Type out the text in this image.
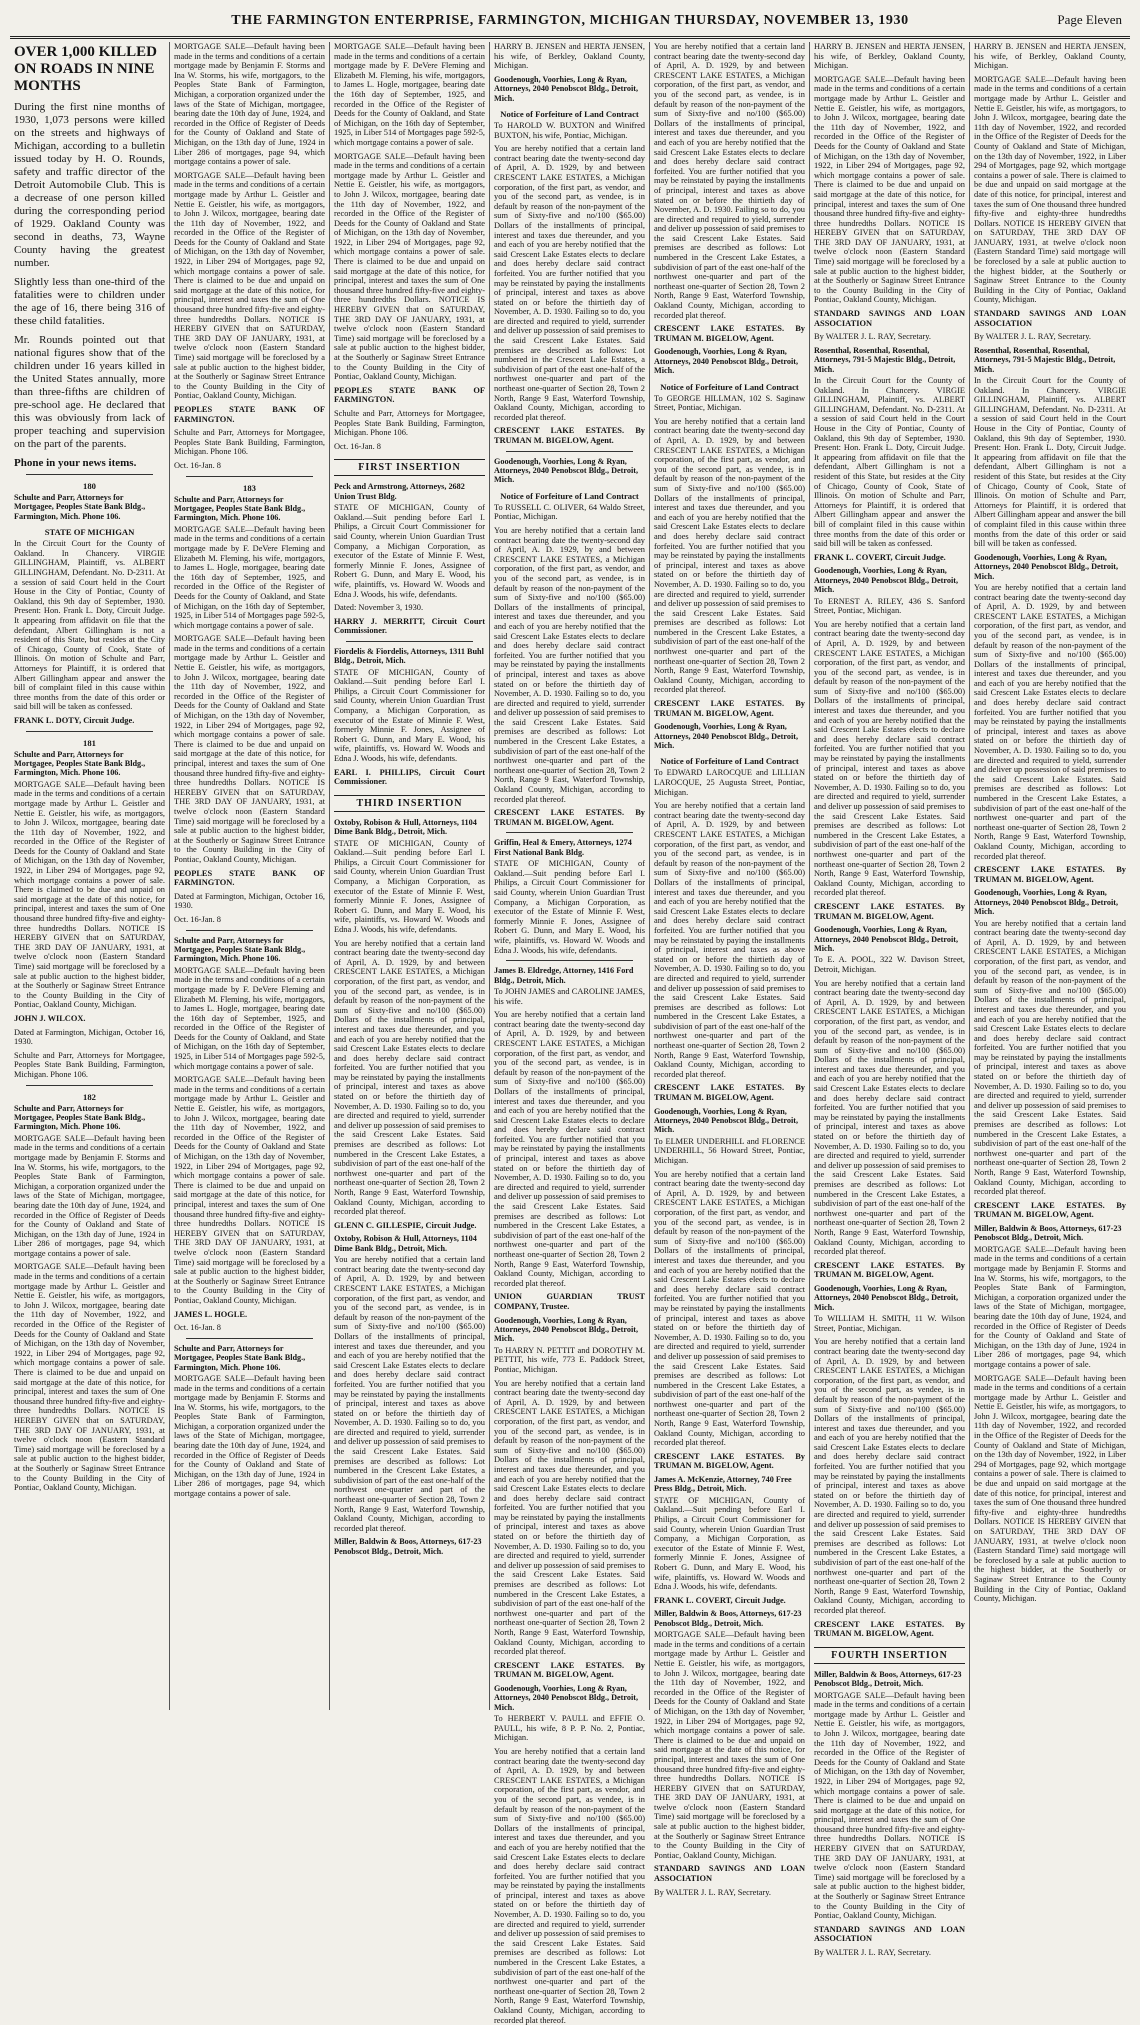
THE FARMINGTON ENTERPRISE, FARMINGTON, MICHIGAN THURSDAY, NOVEMBER 13, 1930	Page Eleven
OVER 1,000 KILLED ON ROADS IN NINE MONTHS

During the first nine months of 1930, 1,073 persons were killed on the streets and highways of Michigan, according to a bulletin issued today by H. O. Rounds, safety and traffic director of the Detroit Automobile Club. This is a decrease of one person killed during the corresponding period of 1929. Oakland County was second in deaths, 73, Wayne County having the greatest number.

Slightly less than one-third of the fatalities were to children under the age of 16, there being 316 of these child fatalities.

Mr. Rounds pointed out that national figures show that of the children under 16 years killed in the United States annually, more than three-fifths are children of pre-school age. He declared that this was obviously from lack of proper teaching and supervision on the part of the parents.

Phone in your news items.
180
Schulte and Parr, Attorneys for Mortgagee, Peoples State Bank Bldg., Farmington, Mich. Phone 106.
STATE OF MICHIGAN

In the Circuit Court for the County of Oakland. In Chancery. VIRGIE GILLINGHAM, Plaintiff, vs. ALBERT GILLINGHAM, Defendant. No. D-2311. At a session of said Court held in the Court House in the City of Pontiac, County of Oakland, this 9th day of September, 1930. Present: Hon. Frank L. Doty, Circuit Judge. It appearing from affidavit on file that the defendant, Albert Gillingham is not a resident of this State, but resides at the City of Chicago, County of Cook, State of Illinois. On motion of Schulte and Parr, Attorneys for Plaintiff, it is ordered that Albert Gillingham appear and answer the bill of complaint filed in this cause within three months from the date of this order or said bill will be taken as confessed.

FRANK L. DOTY, Circuit Judge.

181
Schulte and Parr, Attorneys for Mortgagee, Peoples State Bank Bldg., Farmington, Mich. Phone 106.

MORTGAGE SALE—Default having been made in the terms and conditions of a certain mortgage made by Arthur L. Geistler and Nettie E. Geistler, his wife, as mortgagors, to John J. Wilcox, mortgagee, bearing date the 11th day of November, 1922, and recorded in the Office of the Register of Deeds for the County of Oakland and State of Michigan, on the 13th day of November, 1922, in Liber 294 of Mortgages, page 92, which mortgage contains a power of sale. There is claimed to be due and unpaid on said mortgage at the date of this notice, for principal, interest and taxes the sum of One thousand three hundred fifty-five and eighty-three hundredths Dollars. NOTICE IS HEREBY GIVEN that on SATURDAY, THE 3RD DAY OF JANUARY, 1931, at twelve o'clock noon (Eastern Standard Time) said mortgage will be foreclosed by a sale at public auction to the highest bidder, at the Southerly or Saginaw Street Entrance to the County Building in the City of Pontiac, Oakland County, Michigan.

JOHN J. WILCOX.

Dated at Farmington, Michigan, October 16, 1930.

Schulte and Parr, Attorneys for Mortgagee, Peoples State Bank Building, Farmington, Michigan. Phone 106.

182
Schulte and Parr, Attorneys for Mortgagee, Peoples State Bank Bldg., Farmington, Mich. Phone 106.

MORTGAGE SALE—Default having been made in the terms and conditions of a certain mortgage made by Benjamin F. Storms and Ina W. Storms, his wife, mortgagors, to the Peoples State Bank of Farmington, Michigan, a corporation organized under the laws of the State of Michigan, mortgagee, bearing date the 10th day of June, 1924, and recorded in the Office of Register of Deeds for the County of Oakland and State of Michigan, on the 13th day of June, 1924 in Liber 286 of mortgages, page 94, which mortgage contains a power of sale.

MORTGAGE SALE—Default having been made in the terms and conditions of a certain mortgage made by Arthur L. Geistler and Nettie E. Geistler, his wife, as mortgagors, to John J. Wilcox, mortgagee, bearing date the 11th day of November, 1922, and recorded in the Office of the Register of Deeds for the County of Oakland and State of Michigan, on the 13th day of November, 1922, in Liber 294 of Mortgages, page 92, which mortgage contains a power of sale. There is claimed to be due and unpaid on said mortgage at the date of this notice, for principal, interest and taxes the sum of One thousand three hundred fifty-five and eighty-three hundredths Dollars. NOTICE IS HEREBY GIVEN that on SATURDAY, THE 3RD DAY OF JANUARY, 1931, at twelve o'clock noon (Eastern Standard Time) said mortgage will be foreclosed by a sale at public auction to the highest bidder, at the Southerly or Saginaw Street Entrance to the County Building in the City of Pontiac, Oakland County, Michigan.

MORTGAGE SALE—Default having been made in the terms and conditions of a certain mortgage made by Benjamin F. Storms and Ina W. Storms, his wife, mortgagors, to the Peoples State Bank of Farmington, Michigan, a corporation organized under the laws of the State of Michigan, mortgagee, bearing date the 10th day of June, 1924, and recorded in the Office of Register of Deeds for the County of Oakland and State of Michigan, on the 13th day of June, 1924 in Liber 286 of mortgages, page 94, which mortgage contains a power of sale.

MORTGAGE SALE—Default having been made in the terms and conditions of a certain mortgage made by Arthur L. Geistler and Nettie E. Geistler, his wife, as mortgagors, to John J. Wilcox, mortgagee, bearing date the 11th day of November, 1922, and recorded in the Office of the Register of Deeds for the County of Oakland and State of Michigan, on the 13th day of November, 1922, in Liber 294 of Mortgages, page 92, which mortgage contains a power of sale. There is claimed to be due and unpaid on said mortgage at the date of this notice, for principal, interest and taxes the sum of One thousand three hundred fifty-five and eighty-three hundredths Dollars. NOTICE IS HEREBY GIVEN that on SATURDAY, THE 3RD DAY OF JANUARY, 1931, at twelve o'clock noon (Eastern Standard Time) said mortgage will be foreclosed by a sale at public auction to the highest bidder, at the Southerly or Saginaw Street Entrance to the County Building in the City of Pontiac, Oakland County, Michigan.

PEOPLES STATE BANK OF FARMINGTON.

Schulte and Parr, Attorneys for Mortgagee, Peoples State Bank Building, Farmington, Michigan. Phone 106.

Oct. 16-Jan. 8

183
Schulte and Parr, Attorneys for Mortgagee, Peoples State Bank Bldg., Farmington, Mich. Phone 106.

MORTGAGE SALE—Default having been made in the terms and conditions of a certain mortgage made by F. DeVere Fleming and Elizabeth M. Fleming, his wife, mortgagors, to James L. Hogle, mortgagee, bearing date the 16th day of September, 1925, and recorded in the Office of the Register of Deeds for the County of Oakland, and State of Michigan, on the 16th day of September, 1925, in Liber 514 of Mortgages page 592-5, which mortgage contains a power of sale.

MORTGAGE SALE—Default having been made in the terms and conditions of a certain mortgage made by Arthur L. Geistler and Nettie E. Geistler, his wife, as mortgagors, to John J. Wilcox, mortgagee, bearing date the 11th day of November, 1922, and recorded in the Office of the Register of Deeds for the County of Oakland and State of Michigan, on the 13th day of November, 1922, in Liber 294 of Mortgages, page 92, which mortgage contains a power of sale. There is claimed to be due and unpaid on said mortgage at the date of this notice, for principal, interest and taxes the sum of One thousand three hundred fifty-five and eighty-three hundredths Dollars. NOTICE IS HEREBY GIVEN that on SATURDAY, THE 3RD DAY OF JANUARY, 1931, at twelve o'clock noon (Eastern Standard Time) said mortgage will be foreclosed by a sale at public auction to the highest bidder, at the Southerly or Saginaw Street Entrance to the County Building in the City of Pontiac, Oakland County, Michigan.

PEOPLES STATE BANK OF FARMINGTON.

Dated at Farmington, Michigan, October 16, 1930.

Oct. 16-Jan. 8

Schulte and Parr, Attorneys for Mortgagee, Peoples State Bank Bldg., Farmington, Mich. Phone 106.

MORTGAGE SALE—Default having been made in the terms and conditions of a certain mortgage made by F. DeVere Fleming and Elizabeth M. Fleming, his wife, mortgagors, to James L. Hogle, mortgagee, bearing date the 16th day of September, 1925, and recorded in the Office of the Register of Deeds for the County of Oakland, and State of Michigan, on the 16th day of September, 1925, in Liber 514 of Mortgages page 592-5, which mortgage contains a power of sale.

MORTGAGE SALE—Default having been made in the terms and conditions of a certain mortgage made by Arthur L. Geistler and Nettie E. Geistler, his wife, as mortgagors, to John J. Wilcox, mortgagee, bearing date the 11th day of November, 1922, and recorded in the Office of the Register of Deeds for the County of Oakland and State of Michigan, on the 13th day of November, 1922, in Liber 294 of Mortgages, page 92, which mortgage contains a power of sale. There is claimed to be due and unpaid on said mortgage at the date of this notice, for principal, interest and taxes the sum of One thousand three hundred fifty-five and eighty-three hundredths Dollars. NOTICE IS HEREBY GIVEN that on SATURDAY, THE 3RD DAY OF JANUARY, 1931, at twelve o'clock noon (Eastern Standard Time) said mortgage will be foreclosed by a sale at public auction to the highest bidder, at the Southerly or Saginaw Street Entrance to the County Building in the City of Pontiac, Oakland County, Michigan.

JAMES L. HOGLE.

Oct. 16-Jan. 8

Schulte and Parr, Attorneys for Mortgagee, Peoples State Bank Bldg., Farmington, Mich. Phone 106.

MORTGAGE SALE—Default having been made in the terms and conditions of a certain mortgage made by Benjamin F. Storms and Ina W. Storms, his wife, mortgagors, to the Peoples State Bank of Farmington, Michigan, a corporation organized under the laws of the State of Michigan, mortgagee, bearing date the 10th day of June, 1924, and recorded in the Office of Register of Deeds for the County of Oakland and State of Michigan, on the 13th day of June, 1924 in Liber 286 of mortgages, page 94, which mortgage contains a power of sale.

MORTGAGE SALE—Default having been made in the terms and conditions of a certain mortgage made by F. DeVere Fleming and Elizabeth M. Fleming, his wife, mortgagors, to James L. Hogle, mortgagee, bearing date the 16th day of September, 1925, and recorded in the Office of the Register of Deeds for the County of Oakland, and State of Michigan, on the 16th day of September, 1925, in Liber 514 of Mortgages page 592-5, which mortgage contains a power of sale.

MORTGAGE SALE—Default having been made in the terms and conditions of a certain mortgage made by Arthur L. Geistler and Nettie E. Geistler, his wife, as mortgagors, to John J. Wilcox, mortgagee, bearing date the 11th day of November, 1922, and recorded in the Office of the Register of Deeds for the County of Oakland and State of Michigan, on the 13th day of November, 1922, in Liber 294 of Mortgages, page 92, which mortgage contains a power of sale. There is claimed to be due and unpaid on said mortgage at the date of this notice, for principal, interest and taxes the sum of One thousand three hundred fifty-five and eighty-three hundredths Dollars. NOTICE IS HEREBY GIVEN that on SATURDAY, THE 3RD DAY OF JANUARY, 1931, at twelve o'clock noon (Eastern Standard Time) said mortgage will be foreclosed by a sale at public auction to the highest bidder, at the Southerly or Saginaw Street Entrance to the County Building in the City of Pontiac, Oakland County, Michigan.

PEOPLES STATE BANK OF FARMINGTON.

Schulte and Parr, Attorneys for Mortgagee, Peoples State Bank Building, Farmington, Michigan. Phone 106.

Oct. 16-Jan. 8

FIRST INSERTION
Peck and Armstrong, Attorneys, 2682 Union Trust Bldg.

STATE OF MICHIGAN, County of Oakland.—Suit pending before Earl I. Philips, a Circuit Court Commissioner for said County, wherein Union Guardian Trust Company, a Michigan Corporation, as executor of the Estate of Minnie F. West, formerly Minnie F. Jones, Assignee of Robert G. Dunn, and Mary E. Wood, his wife, plaintiffs, vs. Howard W. Woods and Edna J. Woods, his wife, defendants.

Dated: November 3, 1930.

HARRY J. MERRITT, Circuit Court Commissioner.

Fiordelis & Fiordelis, Attorneys, 1311 Buhl Bldg., Detroit, Mich.

STATE OF MICHIGAN, County of Oakland.—Suit pending before Earl I. Philips, a Circuit Court Commissioner for said County, wherein Union Guardian Trust Company, a Michigan Corporation, as executor of the Estate of Minnie F. West, formerly Minnie F. Jones, Assignee of Robert G. Dunn, and Mary E. Wood, his wife, plaintiffs, vs. Howard W. Woods and Edna J. Woods, his wife, defendants.

EARL I. PHILLIPS, Circuit Court Commissioner.

THIRD INSERTION
Oxtoby, Robison & Hull, Attorneys, 1104 Dime Bank Bldg., Detroit, Mich.

STATE OF MICHIGAN, County of Oakland.—Suit pending before Earl I. Philips, a Circuit Court Commissioner for said County, wherein Union Guardian Trust Company, a Michigan Corporation, as executor of the Estate of Minnie F. West, formerly Minnie F. Jones, Assignee of Robert G. Dunn, and Mary E. Wood, his wife, plaintiffs, vs. Howard W. Woods and Edna J. Woods, his wife, defendants.

You are hereby notified that a certain land contract bearing date the twenty-second day of April, A. D. 1929, by and between CRESCENT LAKE ESTATES, a Michigan corporation, of the first part, as vendor, and you of the second part, as vendee, is in default by reason of the non-payment of the sum of Sixty-five and no/100 ($65.00) Dollars of the installments of principal, interest and taxes due thereunder, and you and each of you are hereby notified that the said Crescent Lake Estates elects to declare and does hereby declare said contract forfeited. You are further notified that you may be reinstated by paying the installments of principal, interest and taxes as above stated on or before the thirtieth day of November, A. D. 1930. Failing so to do, you are directed and required to yield, surrender and deliver up possession of said premises to the said Crescent Lake Estates. Said premises are described as follows: Lot numbered in the Crescent Lake Estates, a subdivision of part of the east one-half of the northwest one-quarter and part of the northeast one-quarter of Section 28, Town 2 North, Range 9 East, Waterford Township, Oakland County, Michigan, according to recorded plat thereof.

GLENN C. GILLESPIE, Circuit Judge.

Oxtoby, Robison & Hull, Attorneys, 1104 Dime Bank Bldg., Detroit, Mich.

You are hereby notified that a certain land contract bearing date the twenty-second day of April, A. D. 1929, by and between CRESCENT LAKE ESTATES, a Michigan corporation, of the first part, as vendor, and you of the second part, as vendee, is in default by reason of the non-payment of the sum of Sixty-five and no/100 ($65.00) Dollars of the installments of principal, interest and taxes due thereunder, and you and each of you are hereby notified that the said Crescent Lake Estates elects to declare and does hereby declare said contract forfeited. You are further notified that you may be reinstated by paying the installments of principal, interest and taxes as above stated on or before the thirtieth day of November, A. D. 1930. Failing so to do, you are directed and required to yield, surrender and deliver up possession of said premises to the said Crescent Lake Estates. Said premises are described as follows: Lot numbered in the Crescent Lake Estates, a subdivision of part of the east one-half of the northwest one-quarter and part of the northeast one-quarter of Section 28, Town 2 North, Range 9 East, Waterford Township, Oakland County, Michigan, according to recorded plat thereof.

Miller, Baldwin & Boos, Attorneys, 617-23 Penobscot Bldg., Detroit, Mich.

HARRY B. JENSEN and HERTA JENSEN, his wife, of Berkley, Oakland County, Michigan.

Goodenough, Voorhies, Long & Ryan, Attorneys, 2040 Penobscot Bldg., Detroit, Mich.
Notice of Forfeiture of Land Contract

To HAROLD W. BUXTON and Winifred BUXTON, his wife, Pontiac, Michigan.

You are hereby notified that a certain land contract bearing date the twenty-second day of April, A. D. 1929, by and between CRESCENT LAKE ESTATES, a Michigan corporation, of the first part, as vendor, and you of the second part, as vendee, is in default by reason of the non-payment of the sum of Sixty-five and no/100 ($65.00) Dollars of the installments of principal, interest and taxes due thereunder, and you and each of you are hereby notified that the said Crescent Lake Estates elects to declare and does hereby declare said contract forfeited. You are further notified that you may be reinstated by paying the installments of principal, interest and taxes as above stated on or before the thirtieth day of November, A. D. 1930. Failing so to do, you are directed and required to yield, surrender and deliver up possession of said premises to the said Crescent Lake Estates. Said premises are described as follows: Lot numbered in the Crescent Lake Estates, a subdivision of part of the east one-half of the northwest one-quarter and part of the northeast one-quarter of Section 28, Town 2 North, Range 9 East, Waterford Township, Oakland County, Michigan, according to recorded plat thereof.

CRESCENT LAKE ESTATES. By TRUMAN M. BIGELOW, Agent.

Goodenough, Voorhies, Long & Ryan, Attorneys, 2040 Penobscot Bldg., Detroit, Mich.
Notice of Forfeiture of Land Contract

To RUSSELL C. OLIVER, 64 Waldo Street, Pontiac, Michigan.

You are hereby notified that a certain land contract bearing date the twenty-second day of April, A. D. 1929, by and between CRESCENT LAKE ESTATES, a Michigan corporation, of the first part, as vendor, and you of the second part, as vendee, is in default by reason of the non-payment of the sum of Sixty-five and no/100 ($65.00) Dollars of the installments of principal, interest and taxes due thereunder, and you and each of you are hereby notified that the said Crescent Lake Estates elects to declare and does hereby declare said contract forfeited. You are further notified that you may be reinstated by paying the installments of principal, interest and taxes as above stated on or before the thirtieth day of November, A. D. 1930. Failing so to do, you are directed and required to yield, surrender and deliver up possession of said premises to the said Crescent Lake Estates. Said premises are described as follows: Lot numbered in the Crescent Lake Estates, a subdivision of part of the east one-half of the northwest one-quarter and part of the northeast one-quarter of Section 28, Town 2 North, Range 9 East, Waterford Township, Oakland County, Michigan, according to recorded plat thereof.

CRESCENT LAKE ESTATES. By TRUMAN M. BIGELOW, Agent.

Griffin, Heal & Emery, Attorneys, 1274 First National Bank Bldg.

STATE OF MICHIGAN, County of Oakland.—Suit pending before Earl I. Philips, a Circuit Court Commissioner for said County, wherein Union Guardian Trust Company, a Michigan Corporation, as executor of the Estate of Minnie F. West, formerly Minnie F. Jones, Assignee of Robert G. Dunn, and Mary E. Wood, his wife, plaintiffs, vs. Howard W. Woods and Edna J. Woods, his wife, defendants.

James B. Eldredge, Attorney, 1416 Ford Bldg., Detroit, Mich.

To JOHN JAMES and CAROLINE JAMES, his wife.

You are hereby notified that a certain land contract bearing date the twenty-second day of April, A. D. 1929, by and between CRESCENT LAKE ESTATES, a Michigan corporation, of the first part, as vendor, and you of the second part, as vendee, is in default by reason of the non-payment of the sum of Sixty-five and no/100 ($65.00) Dollars of the installments of principal, interest and taxes due thereunder, and you and each of you are hereby notified that the said Crescent Lake Estates elects to declare and does hereby declare said contract forfeited. You are further notified that you may be reinstated by paying the installments of principal, interest and taxes as above stated on or before the thirtieth day of November, A. D. 1930. Failing so to do, you are directed and required to yield, surrender and deliver up possession of said premises to the said Crescent Lake Estates. Said premises are described as follows: Lot numbered in the Crescent Lake Estates, a subdivision of part of the east one-half of the northwest one-quarter and part of the northeast one-quarter of Section 28, Town 2 North, Range 9 East, Waterford Township, Oakland County, Michigan, according to recorded plat thereof.

UNION GUARDIAN TRUST COMPANY, Trustee.

Goodenough, Voorhies, Long & Ryan, Attorneys, 2040 Penobscot Bldg., Detroit, Mich.

To HARRY N. PETTIT and DOROTHY M. PETTIT, his wife, 773 E. Paddock Street, Pontiac, Michigan.

You are hereby notified that a certain land contract bearing date the twenty-second day of April, A. D. 1929, by and between CRESCENT LAKE ESTATES, a Michigan corporation, of the first part, as vendor, and you of the second part, as vendee, is in default by reason of the non-payment of the sum of Sixty-five and no/100 ($65.00) Dollars of the installments of principal, interest and taxes due thereunder, and you and each of you are hereby notified that the said Crescent Lake Estates elects to declare and does hereby declare said contract forfeited. You are further notified that you may be reinstated by paying the installments of principal, interest and taxes as above stated on or before the thirtieth day of November, A. D. 1930. Failing so to do, you are directed and required to yield, surrender and deliver up possession of said premises to the said Crescent Lake Estates. Said premises are described as follows: Lot numbered in the Crescent Lake Estates, a subdivision of part of the east one-half of the northwest one-quarter and part of the northeast one-quarter of Section 28, Town 2 North, Range 9 East, Waterford Township, Oakland County, Michigan, according to recorded plat thereof.

CRESCENT LAKE ESTATES. By TRUMAN M. BIGELOW, Agent.

Goodenough, Voorhies, Long & Ryan, Attorneys, 2040 Penobscot Bldg., Detroit, Mich.

To HERBERT V. PAULL and EFFIE O. PAULL, his wife, 8 P. P. No. 2, Pontiac, Michigan.

You are hereby notified that a certain land contract bearing date the twenty-second day of April, A. D. 1929, by and between CRESCENT LAKE ESTATES, a Michigan corporation, of the first part, as vendor, and you of the second part, as vendee, is in default by reason of the non-payment of the sum of Sixty-five and no/100 ($65.00) Dollars of the installments of principal, interest and taxes due thereunder, and you and each of you are hereby notified that the said Crescent Lake Estates elects to declare and does hereby declare said contract forfeited. You are further notified that you may be reinstated by paying the installments of principal, interest and taxes as above stated on or before the thirtieth day of November, A. D. 1930. Failing so to do, you are directed and required to yield, surrender and deliver up possession of said premises to the said Crescent Lake Estates. Said premises are described as follows: Lot numbered in the Crescent Lake Estates, a subdivision of part of the east one-half of the northwest one-quarter and part of the northeast one-quarter of Section 28, Town 2 North, Range 9 East, Waterford Township, Oakland County, Michigan, according to recorded plat thereof.

You are hereby notified that a certain land contract bearing date the twenty-second day of April, A. D. 1929, by and between CRESCENT LAKE ESTATES, a Michigan corporation, of the first part, as vendor, and you of the second part, as vendee, is in default by reason of the non-payment of the sum of Sixty-five and no/100 ($65.00) Dollars of the installments of principal, interest and taxes due thereunder, and you and each of you are hereby notified that the said Crescent Lake Estates elects to declare and does hereby declare said contract forfeited. You are further notified that you may be reinstated by paying the installments of principal, interest and taxes as above stated on or before the thirtieth day of November, A. D. 1930. Failing so to do, you are directed and required to yield, surrender and deliver up possession of said premises to the said Crescent Lake Estates. Said premises are described as follows: Lot numbered in the Crescent Lake Estates, a subdivision of part of the east one-half of the northwest one-quarter and part of the northeast one-quarter of Section 28, Town 2 North, Range 9 East, Waterford Township, Oakland County, Michigan, according to recorded plat thereof.

CRESCENT LAKE ESTATES. By TRUMAN M. BIGELOW, Agent.

Goodenough, Voorhies, Long & Ryan, Attorneys, 2040 Penobscot Bldg., Detroit, Mich.
Notice of Forfeiture of Land Contract

To GEORGE HILLMAN, 102 S. Saginaw Street, Pontiac, Michigan.

You are hereby notified that a certain land contract bearing date the twenty-second day of April, A. D. 1929, by and between CRESCENT LAKE ESTATES, a Michigan corporation, of the first part, as vendor, and you of the second part, as vendee, is in default by reason of the non-payment of the sum of Sixty-five and no/100 ($65.00) Dollars of the installments of principal, interest and taxes due thereunder, and you and each of you are hereby notified that the said Crescent Lake Estates elects to declare and does hereby declare said contract forfeited. You are further notified that you may be reinstated by paying the installments of principal, interest and taxes as above stated on or before the thirtieth day of November, A. D. 1930. Failing so to do, you are directed and required to yield, surrender and deliver up possession of said premises to the said Crescent Lake Estates. Said premises are described as follows: Lot numbered in the Crescent Lake Estates, a subdivision of part of the east one-half of the northwest one-quarter and part of the northeast one-quarter of Section 28, Town 2 North, Range 9 East, Waterford Township, Oakland County, Michigan, according to recorded plat thereof.

CRESCENT LAKE ESTATES. By TRUMAN M. BIGELOW, Agent.

Goodenough, Voorhies, Long & Ryan, Attorneys, 2040 Penobscot Bldg., Detroit, Mich.
Notice of Forfeiture of Land Contract

To EDWARD LAROCQUE and LILLIAN LAROCQUE, 25 Augusta Street, Pontiac, Michigan.

You are hereby notified that a certain land contract bearing date the twenty-second day of April, A. D. 1929, by and between CRESCENT LAKE ESTATES, a Michigan corporation, of the first part, as vendor, and you of the second part, as vendee, is in default by reason of the non-payment of the sum of Sixty-five and no/100 ($65.00) Dollars of the installments of principal, interest and taxes due thereunder, and you and each of you are hereby notified that the said Crescent Lake Estates elects to declare and does hereby declare said contract forfeited. You are further notified that you may be reinstated by paying the installments of principal, interest and taxes as above stated on or before the thirtieth day of November, A. D. 1930. Failing so to do, you are directed and required to yield, surrender and deliver up possession of said premises to the said Crescent Lake Estates. Said premises are described as follows: Lot numbered in the Crescent Lake Estates, a subdivision of part of the east one-half of the northwest one-quarter and part of the northeast one-quarter of Section 28, Town 2 North, Range 9 East, Waterford Township, Oakland County, Michigan, according to recorded plat thereof.

CRESCENT LAKE ESTATES. By TRUMAN M. BIGELOW, Agent.

Goodenough, Voorhies, Long & Ryan, Attorneys, 2040 Penobscot Bldg., Detroit, Mich.

To ELMER UNDERHILL and FLORENCE UNDERHILL, 56 Howard Street, Pontiac, Michigan.

You are hereby notified that a certain land contract bearing date the twenty-second day of April, A. D. 1929, by and between CRESCENT LAKE ESTATES, a Michigan corporation, of the first part, as vendor, and you of the second part, as vendee, is in default by reason of the non-payment of the sum of Sixty-five and no/100 ($65.00) Dollars of the installments of principal, interest and taxes due thereunder, and you and each of you are hereby notified that the said Crescent Lake Estates elects to declare and does hereby declare said contract forfeited. You are further notified that you may be reinstated by paying the installments of principal, interest and taxes as above stated on or before the thirtieth day of November, A. D. 1930. Failing so to do, you are directed and required to yield, surrender and deliver up possession of said premises to the said Crescent Lake Estates. Said premises are described as follows: Lot numbered in the Crescent Lake Estates, a subdivision of part of the east one-half of the northwest one-quarter and part of the northeast one-quarter of Section 28, Town 2 North, Range 9 East, Waterford Township, Oakland County, Michigan, according to recorded plat thereof.

CRESCENT LAKE ESTATES. By TRUMAN M. BIGELOW, Agent.

James A. McKenzie, Attorney, 740 Free Press Bldg., Detroit, Mich.

STATE OF MICHIGAN, County of Oakland.—Suit pending before Earl I. Philips, a Circuit Court Commissioner for said County, wherein Union Guardian Trust Company, a Michigan Corporation, as executor of the Estate of Minnie F. West, formerly Minnie F. Jones, Assignee of Robert G. Dunn, and Mary E. Wood, his wife, plaintiffs, vs. Howard W. Woods and Edna J. Woods, his wife, defendants.

FRANK L. COVERT, Circuit Judge.

Miller, Baldwin & Boos, Attorneys, 617-23 Penobscot Bldg., Detroit, Mich.

MORTGAGE SALE—Default having been made in the terms and conditions of a certain mortgage made by Arthur L. Geistler and Nettie E. Geistler, his wife, as mortgagors, to John J. Wilcox, mortgagee, bearing date the 11th day of November, 1922, and recorded in the Office of the Register of Deeds for the County of Oakland and State of Michigan, on the 13th day of November, 1922, in Liber 294 of Mortgages, page 92, which mortgage contains a power of sale. There is claimed to be due and unpaid on said mortgage at the date of this notice, for principal, interest and taxes the sum of One thousand three hundred fifty-five and eighty-three hundredths Dollars. NOTICE IS HEREBY GIVEN that on SATURDAY, THE 3RD DAY OF JANUARY, 1931, at twelve o'clock noon (Eastern Standard Time) said mortgage will be foreclosed by a sale at public auction to the highest bidder, at the Southerly or Saginaw Street Entrance to the County Building in the City of Pontiac, Oakland County, Michigan.

STANDARD SAVINGS AND LOAN ASSOCIATION

By WALTER J. L. RAY, Secretary.

HARRY B. JENSEN and HERTA JENSEN, his wife, of Berkley, Oakland County, Michigan.

MORTGAGE SALE—Default having been made in the terms and conditions of a certain mortgage made by Arthur L. Geistler and Nettie E. Geistler, his wife, as mortgagors, to John J. Wilcox, mortgagee, bearing date the 11th day of November, 1922, and recorded in the Office of the Register of Deeds for the County of Oakland and State of Michigan, on the 13th day of November, 1922, in Liber 294 of Mortgages, page 92, which mortgage contains a power of sale. There is claimed to be due and unpaid on said mortgage at the date of this notice, for principal, interest and taxes the sum of One thousand three hundred fifty-five and eighty-three hundredths Dollars. NOTICE IS HEREBY GIVEN that on SATURDAY, THE 3RD DAY OF JANUARY, 1931, at twelve o'clock noon (Eastern Standard Time) said mortgage will be foreclosed by a sale at public auction to the highest bidder, at the Southerly or Saginaw Street Entrance to the County Building in the City of Pontiac, Oakland County, Michigan.

STANDARD SAVINGS AND LOAN ASSOCIATION

By WALTER J. L. RAY, Secretary.

Rosenthal, Rosenthal, Rosenthal, Attorneys, 791-5 Majestic Bldg., Detroit, Mich.

In the Circuit Court for the County of Oakland. In Chancery. VIRGIE GILLINGHAM, Plaintiff, vs. ALBERT GILLINGHAM, Defendant. No. D-2311. At a session of said Court held in the Court House in the City of Pontiac, County of Oakland, this 9th day of September, 1930. Present: Hon. Frank L. Doty, Circuit Judge. It appearing from affidavit on file that the defendant, Albert Gillingham is not a resident of this State, but resides at the City of Chicago, County of Cook, State of Illinois. On motion of Schulte and Parr, Attorneys for Plaintiff, it is ordered that Albert Gillingham appear and answer the bill of complaint filed in this cause within three months from the date of this order or said bill will be taken as confessed.

FRANK L. COVERT, Circuit Judge.

Goodenough, Voorhies, Long & Ryan, Attorneys, 2040 Penobscot Bldg., Detroit, Mich.

To ERNEST A. RILEY, 436 S. Sanford Street, Pontiac, Michigan.

You are hereby notified that a certain land contract bearing date the twenty-second day of April, A. D. 1929, by and between CRESCENT LAKE ESTATES, a Michigan corporation, of the first part, as vendor, and you of the second part, as vendee, is in default by reason of the non-payment of the sum of Sixty-five and no/100 ($65.00) Dollars of the installments of principal, interest and taxes due thereunder, and you and each of you are hereby notified that the said Crescent Lake Estates elects to declare and does hereby declare said contract forfeited. You are further notified that you may be reinstated by paying the installments of principal, interest and taxes as above stated on or before the thirtieth day of November, A. D. 1930. Failing so to do, you are directed and required to yield, surrender and deliver up possession of said premises to the said Crescent Lake Estates. Said premises are described as follows: Lot numbered in the Crescent Lake Estates, a subdivision of part of the east one-half of the northwest one-quarter and part of the northeast one-quarter of Section 28, Town 2 North, Range 9 East, Waterford Township, Oakland County, Michigan, according to recorded plat thereof.

CRESCENT LAKE ESTATES. By TRUMAN M. BIGELOW, Agent.

Goodenough, Voorhies, Long & Ryan, Attorneys, 2040 Penobscot Bldg., Detroit, Mich.

To E. A. POOL, 322 W. Davison Street, Detroit, Michigan.

You are hereby notified that a certain land contract bearing date the twenty-second day of April, A. D. 1929, by and between CRESCENT LAKE ESTATES, a Michigan corporation, of the first part, as vendor, and you of the second part, as vendee, is in default by reason of the non-payment of the sum of Sixty-five and no/100 ($65.00) Dollars of the installments of principal, interest and taxes due thereunder, and you and each of you are hereby notified that the said Crescent Lake Estates elects to declare and does hereby declare said contract forfeited. You are further notified that you may be reinstated by paying the installments of principal, interest and taxes as above stated on or before the thirtieth day of November, A. D. 1930. Failing so to do, you are directed and required to yield, surrender and deliver up possession of said premises to the said Crescent Lake Estates. Said premises are described as follows: Lot numbered in the Crescent Lake Estates, a subdivision of part of the east one-half of the northwest one-quarter and part of the northeast one-quarter of Section 28, Town 2 North, Range 9 East, Waterford Township, Oakland County, Michigan, according to recorded plat thereof.

CRESCENT LAKE ESTATES. By TRUMAN M. BIGELOW, Agent.

Goodenough, Voorhies, Long & Ryan, Attorneys, 2040 Penobscot Bldg., Detroit, Mich.

To WILLIAM H. SMITH, 11 W. Wilson Street, Pontiac, Michigan.

You are hereby notified that a certain land contract bearing date the twenty-second day of April, A. D. 1929, by and between CRESCENT LAKE ESTATES, a Michigan corporation, of the first part, as vendor, and you of the second part, as vendee, is in default by reason of the non-payment of the sum of Sixty-five and no/100 ($65.00) Dollars of the installments of principal, interest and taxes due thereunder, and you and each of you are hereby notified that the said Crescent Lake Estates elects to declare and does hereby declare said contract forfeited. You are further notified that you may be reinstated by paying the installments of principal, interest and taxes as above stated on or before the thirtieth day of November, A. D. 1930. Failing so to do, you are directed and required to yield, surrender and deliver up possession of said premises to the said Crescent Lake Estates. Said premises are described as follows: Lot numbered in the Crescent Lake Estates, a subdivision of part of the east one-half of the northwest one-quarter and part of the northeast one-quarter of Section 28, Town 2 North, Range 9 East, Waterford Township, Oakland County, Michigan, according to recorded plat thereof.

CRESCENT LAKE ESTATES. By TRUMAN M. BIGELOW, Agent.

FOURTH INSERTION
Miller, Baldwin & Boos, Attorneys, 617-23 Penobscot Bldg., Detroit, Mich.

MORTGAGE SALE—Default having been made in the terms and conditions of a certain mortgage made by Arthur L. Geistler and Nettie E. Geistler, his wife, as mortgagors, to John J. Wilcox, mortgagee, bearing date the 11th day of November, 1922, and recorded in the Office of the Register of Deeds for the County of Oakland and State of Michigan, on the 13th day of November, 1922, in Liber 294 of Mortgages, page 92, which mortgage contains a power of sale. There is claimed to be due and unpaid on said mortgage at the date of this notice, for principal, interest and taxes the sum of One thousand three hundred fifty-five and eighty-three hundredths Dollars. NOTICE IS HEREBY GIVEN that on SATURDAY, THE 3RD DAY OF JANUARY, 1931, at twelve o'clock noon (Eastern Standard Time) said mortgage will be foreclosed by a sale at public auction to the highest bidder, at the Southerly or Saginaw Street Entrance to the County Building in the City of Pontiac, Oakland County, Michigan.

STANDARD SAVINGS AND LOAN ASSOCIATION

By WALTER J. L. RAY, Secretary.

HARRY B. JENSEN and HERTA JENSEN, his wife, of Berkley, Oakland County, Michigan.

MORTGAGE SALE—Default having been made in the terms and conditions of a certain mortgage made by Arthur L. Geistler and Nettie E. Geistler, his wife, as mortgagors, to John J. Wilcox, mortgagee, bearing date the 11th day of November, 1922, and recorded in the Office of the Register of Deeds for the County of Oakland and State of Michigan, on the 13th day of November, 1922, in Liber 294 of Mortgages, page 92, which mortgage contains a power of sale. There is claimed to be due and unpaid on said mortgage at the date of this notice, for principal, interest and taxes the sum of One thousand three hundred fifty-five and eighty-three hundredths Dollars. NOTICE IS HEREBY GIVEN that on SATURDAY, THE 3RD DAY OF JANUARY, 1931, at twelve o'clock noon (Eastern Standard Time) said mortgage will be foreclosed by a sale at public auction to the highest bidder, at the Southerly or Saginaw Street Entrance to the County Building in the City of Pontiac, Oakland County, Michigan.

STANDARD SAVINGS AND LOAN ASSOCIATION

By WALTER J. L. RAY, Secretary.

Rosenthal, Rosenthal, Rosenthal, Attorneys, 791-5 Majestic Bldg., Detroit, Mich.

In the Circuit Court for the County of Oakland. In Chancery. VIRGIE GILLINGHAM, Plaintiff, vs. ALBERT GILLINGHAM, Defendant. No. D-2311. At a session of said Court held in the Court House in the City of Pontiac, County of Oakland, this 9th day of September, 1930. Present: Hon. Frank L. Doty, Circuit Judge. It appearing from affidavit on file that the defendant, Albert Gillingham is not a resident of this State, but resides at the City of Chicago, County of Cook, State of Illinois. On motion of Schulte and Parr, Attorneys for Plaintiff, it is ordered that Albert Gillingham appear and answer the bill of complaint filed in this cause within three months from the date of this order or said bill will be taken as confessed.

Goodenough, Voorhies, Long & Ryan, Attorneys, 2040 Penobscot Bldg., Detroit, Mich.

You are hereby notified that a certain land contract bearing date the twenty-second day of April, A. D. 1929, by and between CRESCENT LAKE ESTATES, a Michigan corporation, of the first part, as vendor, and you of the second part, as vendee, is in default by reason of the non-payment of the sum of Sixty-five and no/100 ($65.00) Dollars of the installments of principal, interest and taxes due thereunder, and you and each of you are hereby notified that the said Crescent Lake Estates elects to declare and does hereby declare said contract forfeited. You are further notified that you may be reinstated by paying the installments of principal, interest and taxes as above stated on or before the thirtieth day of November, A. D. 1930. Failing so to do, you are directed and required to yield, surrender and deliver up possession of said premises to the said Crescent Lake Estates. Said premises are described as follows: Lot numbered in the Crescent Lake Estates, a subdivision of part of the east one-half of the northwest one-quarter and part of the northeast one-quarter of Section 28, Town 2 North, Range 9 East, Waterford Township, Oakland County, Michigan, according to recorded plat thereof.

CRESCENT LAKE ESTATES. By TRUMAN M. BIGELOW, Agent.

Goodenough, Voorhies, Long & Ryan, Attorneys, 2040 Penobscot Bldg., Detroit, Mich.

You are hereby notified that a certain land contract bearing date the twenty-second day of April, A. D. 1929, by and between CRESCENT LAKE ESTATES, a Michigan corporation, of the first part, as vendor, and you of the second part, as vendee, is in default by reason of the non-payment of the sum of Sixty-five and no/100 ($65.00) Dollars of the installments of principal, interest and taxes due thereunder, and you and each of you are hereby notified that the said Crescent Lake Estates elects to declare and does hereby declare said contract forfeited. You are further notified that you may be reinstated by paying the installments of principal, interest and taxes as above stated on or before the thirtieth day of November, A. D. 1930. Failing so to do, you are directed and required to yield, surrender and deliver up possession of said premises to the said Crescent Lake Estates. Said premises are described as follows: Lot numbered in the Crescent Lake Estates, a subdivision of part of the east one-half of the northwest one-quarter and part of the northeast one-quarter of Section 28, Town 2 North, Range 9 East, Waterford Township, Oakland County, Michigan, according to recorded plat thereof.

CRESCENT LAKE ESTATES. By TRUMAN M. BIGELOW, Agent.

Miller, Baldwin & Boos, Attorneys, 617-23 Penobscot Bldg., Detroit, Mich.

MORTGAGE SALE—Default having been made in the terms and conditions of a certain mortgage made by Benjamin F. Storms and Ina W. Storms, his wife, mortgagors, to the Peoples State Bank of Farmington, Michigan, a corporation organized under the laws of the State of Michigan, mortgagee, bearing date the 10th day of June, 1924, and recorded in the Office of Register of Deeds for the County of Oakland and State of Michigan, on the 13th day of June, 1924 in Liber 286 of mortgages, page 94, which mortgage contains a power of sale.

MORTGAGE SALE—Default having been made in the terms and conditions of a certain mortgage made by Arthur L. Geistler and Nettie E. Geistler, his wife, as mortgagors, to John J. Wilcox, mortgagee, bearing date the 11th day of November, 1922, and recorded in the Office of the Register of Deeds for the County of Oakland and State of Michigan, on the 13th day of November, 1922, in Liber 294 of Mortgages, page 92, which mortgage contains a power of sale. There is claimed to be due and unpaid on said mortgage at the date of this notice, for principal, interest and taxes the sum of One thousand three hundred fifty-five and eighty-three hundredths Dollars. NOTICE IS HEREBY GIVEN that on SATURDAY, THE 3RD DAY OF JANUARY, 1931, at twelve o'clock noon (Eastern Standard Time) said mortgage will be foreclosed by a sale at public auction to the highest bidder, at the Southerly or Saginaw Street Entrance to the County Building in the City of Pontiac, Oakland County, Michigan.
